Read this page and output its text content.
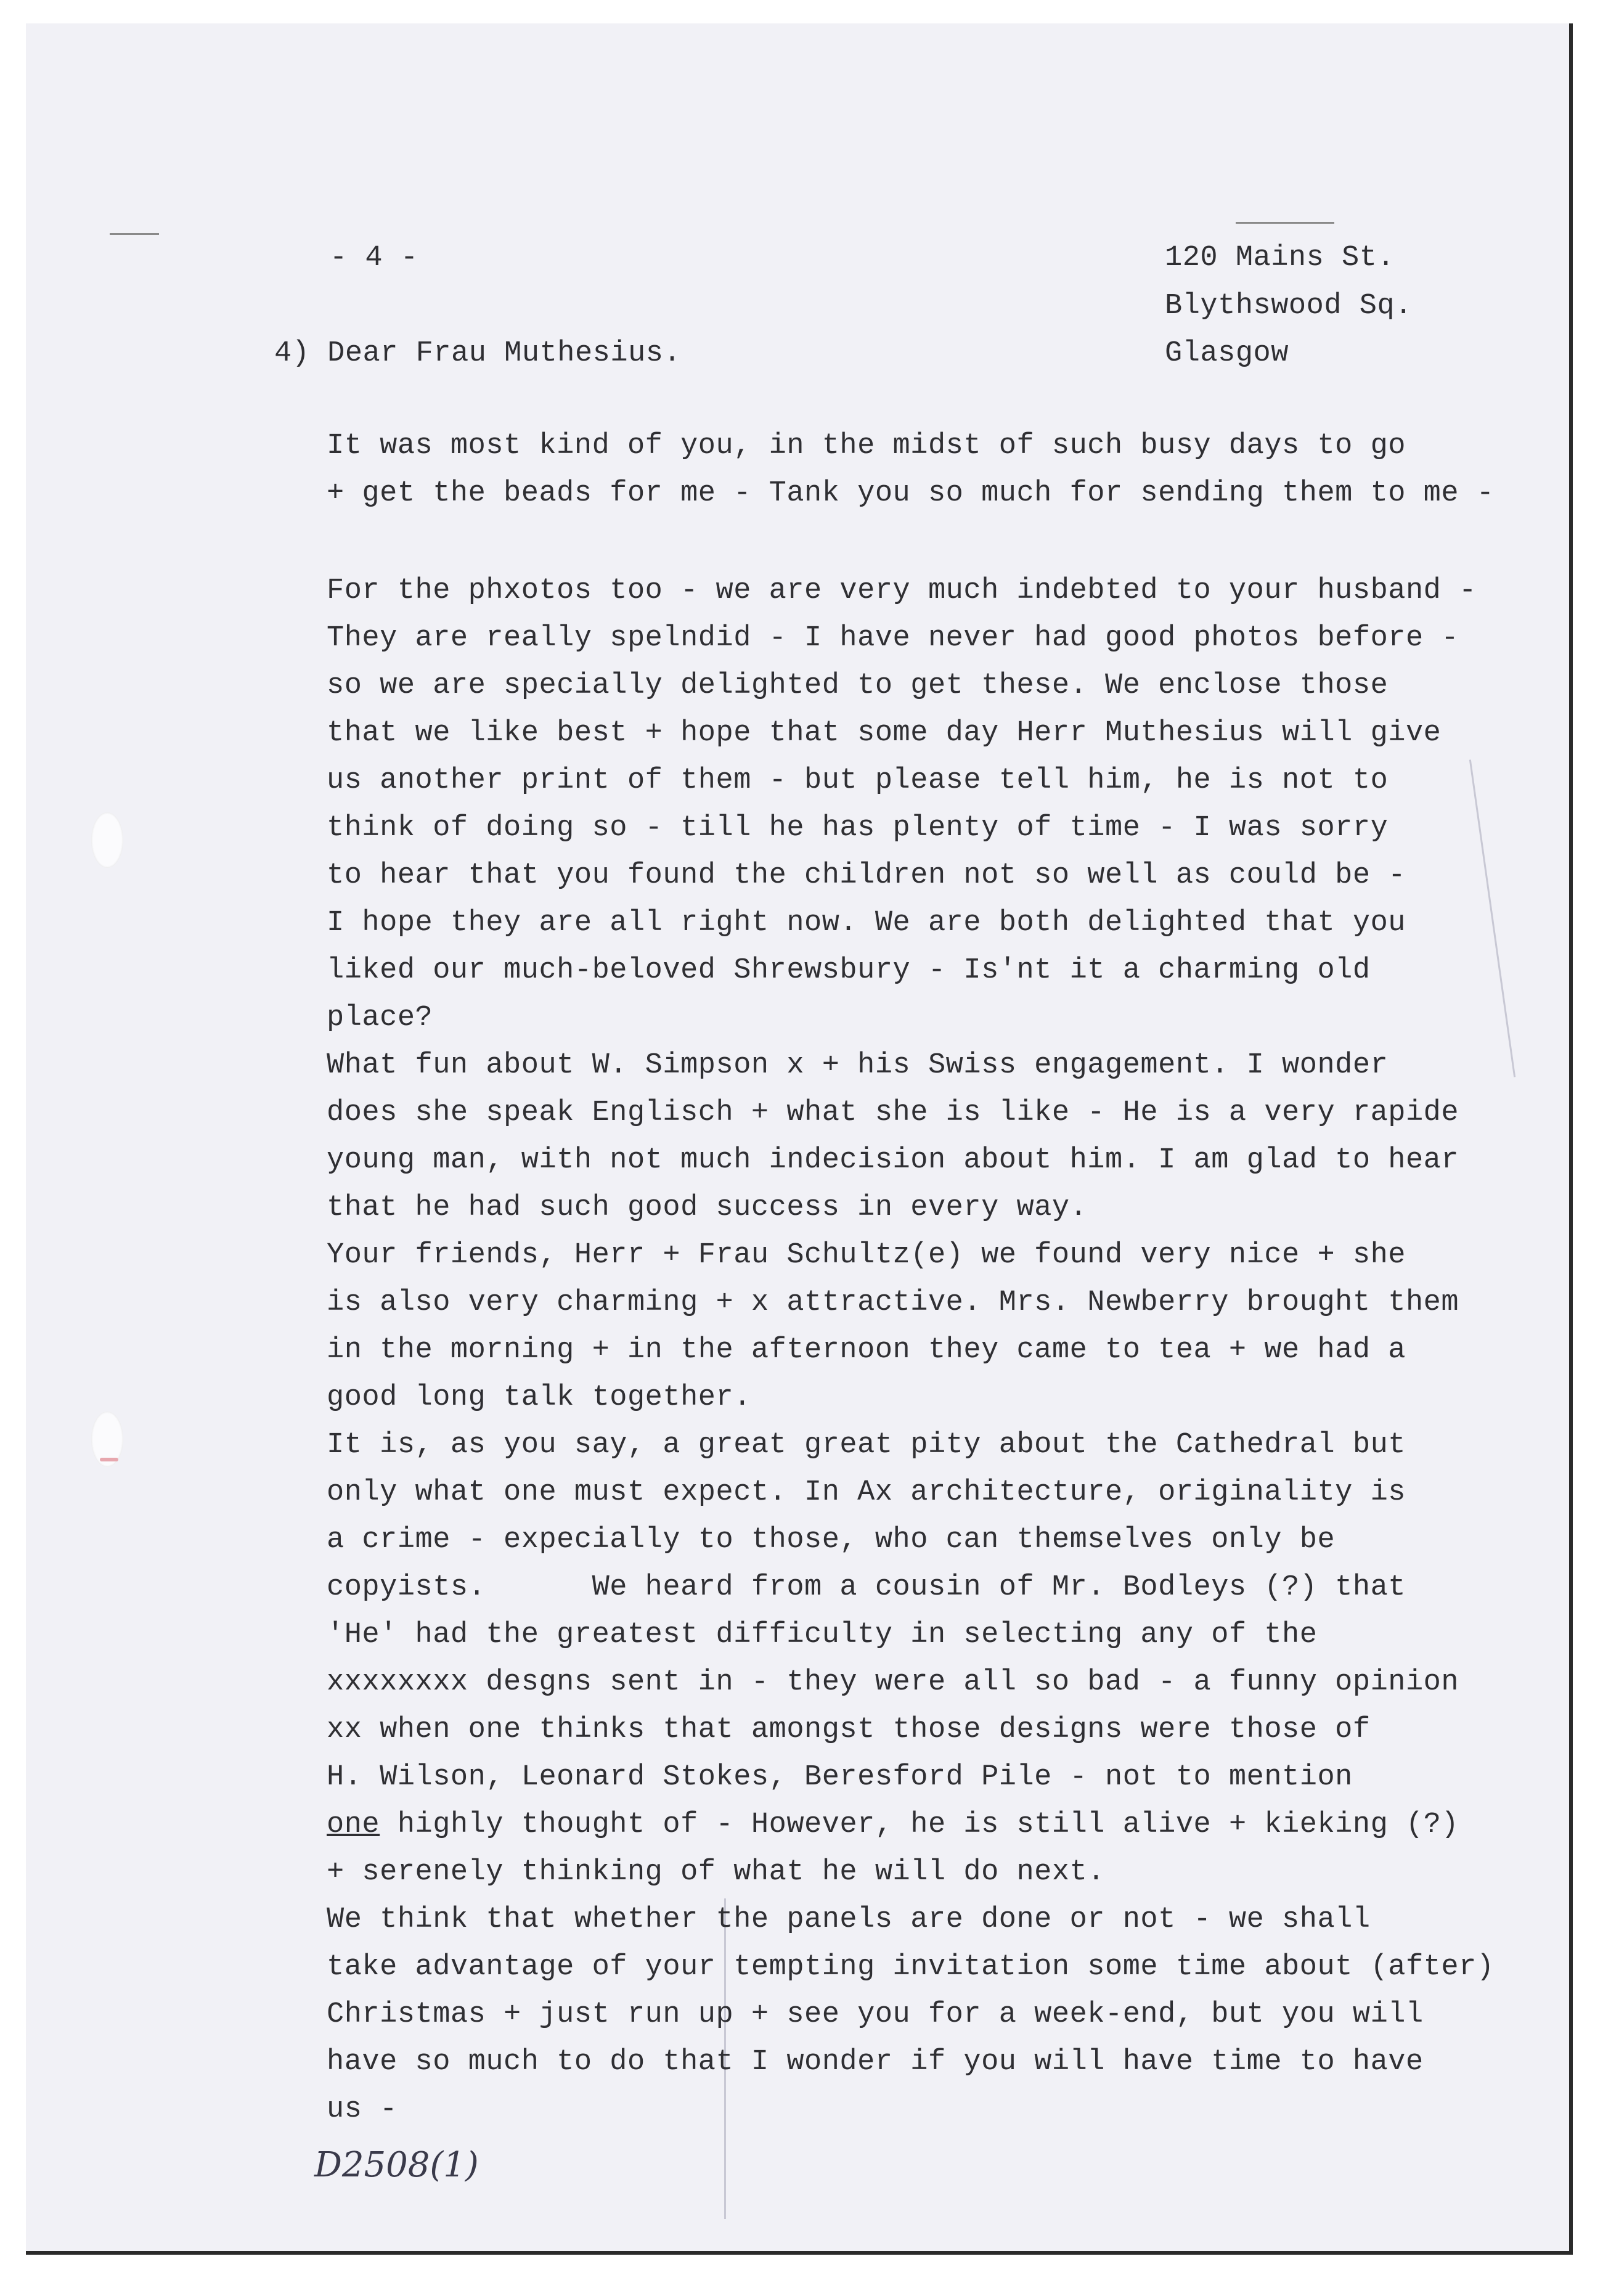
- 4 -	120 Mains St.
Blythswood Sq.
Glasgow
4) Dear Frau Muthesius.
It was most kind of you, in the midst of such busy days to go
+ get the beads for me - Tank you so much for sending them to me -
For the phxotos too - we are very much indebted to your husband -
They are really spelndid - I have never had good photos before -
so we are specially delighted to get these. We enclose those
that we like best + hope that some day Herr Muthesius will give
us another print of them - but please tell him, he is not to
think of doing so - till he has plenty of time - I was sorry
to hear that you found the children not so well as could be -
I hope they are all right now. We are both delighted that you
liked our much-beloved Shrewsbury - Is'nt it a charming old
place?
What fun about W. Simpson x + his Swiss engagement. I wonder
does she speak Englisch + what she is like - He is a very rapide
young man, with not much indecision about him. I am glad to hear
that he had such good success in every way.
Your friends, Herr + Frau Schultz(e) we found very nice + she
is also very charming + x attractive. Mrs. Newberry brought them
in the morning + in the afternoon they came to tea + we had a
good long talk together.
It is, as you say, a great great pity about the Cathedral but
only what one must expect. In Ax architecture, originality is
a crime - expecially to those, who can themselves only be
copyists.      We heard from a cousin of Mr. Bodleys (?) that
'He' had the greatest difficulty in selecting any of the
xxxxxxxx desgns sent in - they were all so bad - a funny opinion
xx when one thinks that amongst those designs were those of
H. Wilson, Leonard Stokes, Beresford Pile - not to mention
one highly thought of - However, he is still alive + kieking (?)
+ serenely thinking of what he will do next.
We think that whether the panels are done or not - we shall
take advantage of your tempting invitation some time about (after)
Christmas + just run up + see you for a week-end, but you will
have so much to do that I wonder if you will have time to have
us -
D2508(1)
